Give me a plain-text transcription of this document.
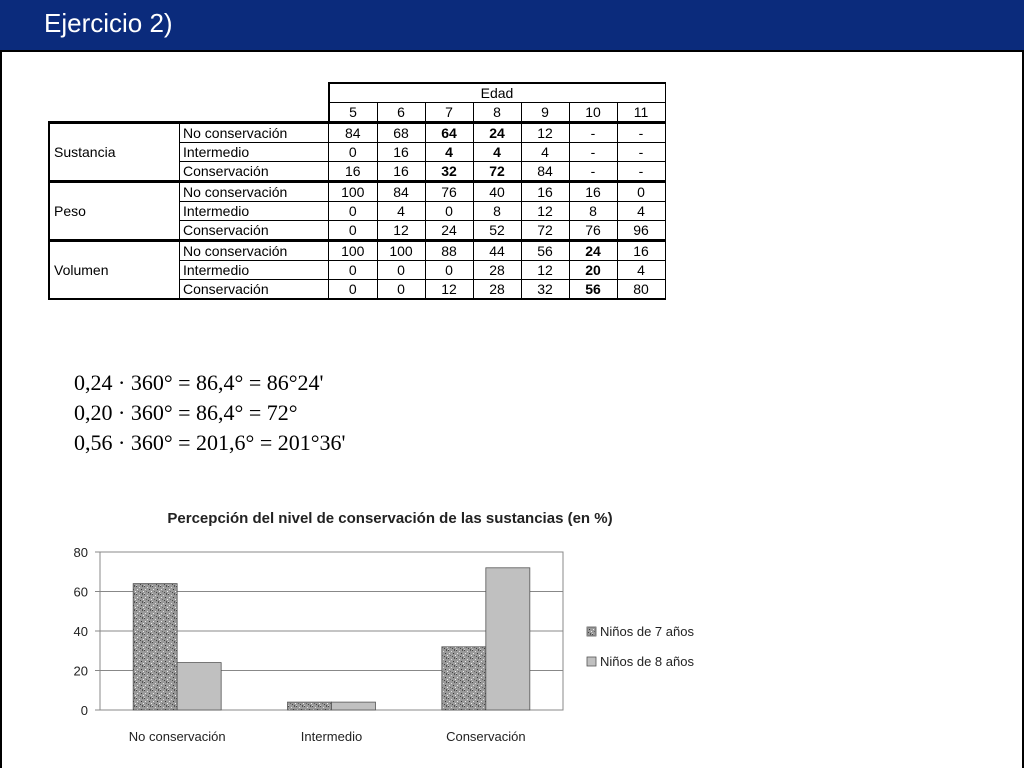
Ejercicio 2)
		Edad						
		5	6	7	8	9	10	11
Sustancia	No conservación	84	68	64	24	12	-	-
	Intermedio	0	16	4	4	4	-	-
	Conservación	16	16	32	72	84	-	-
Peso	No conservación	100	84	76	40	16	16	0
	Intermedio	0	4	0	8	12	8	4
	Conservación	0	12	24	52	72	76	96
Volumen	No conservación	100	100	88	44	56	24	16
	Intermedio	0	0	0	28	12	20	4
	Conservación	0	0	12	28	32	56	80
0,24 · 360° = 86,4° = 86°24'
0,20 · 360° = 86,4° = 72°
0,56 · 360° = 201,6° = 201°36'
Percepción del nivel de conservación de las sustancias (en %)
0
20
40
60
80
No conservación	Intermedio	Conservación
Niños de 7 años
Niños de 8 años
